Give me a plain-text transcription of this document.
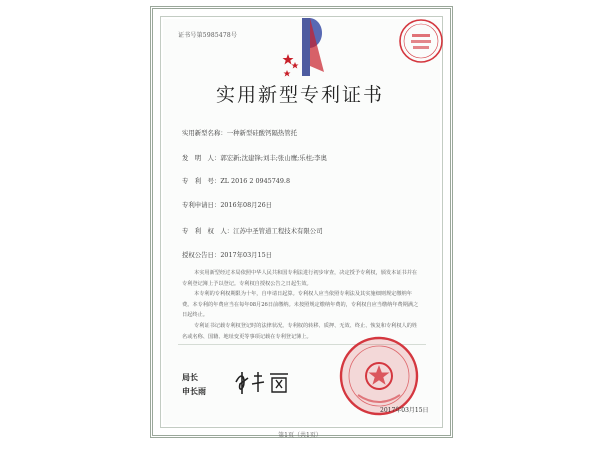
证书号第5985478号
实用新型专利证书
实用新型名称：一种新型硅酸钙隔热管托
发　明　人：郭宏新;沈建锋;刘丰;张山鹰;乐柱;李奥
专　利　号：ZL 2016 2 0945749.8
专利申请日：2016年08月26日
专　利　权　人：江苏中圣管道工程技术有限公司
授权公告日：2017年03月15日

本实用新型经过本局依照中华人民共和国专利法进行初步审查，决定授予专利权，颁发本证书并在专利登记簿上予以登记。专利权自授权公告之日起生效。

本专利的专利权期限为十年，自申请日起算。专利权人应当依照专利法及其实施细则规定缴纳年费。本专利的年费应当在每年08月26日前缴纳。未按照规定缴纳年费的，专利权自应当缴纳年费期满之日起终止。

专利证书记载专利权登记时的法律状况。专利权的转移、质押、无效、终止、恢复和专利权人的姓名或名称、国籍、地址变更等事项记载在专利登记簿上。

局长
申长雨
2017年03月15日
第1页（共1页）
